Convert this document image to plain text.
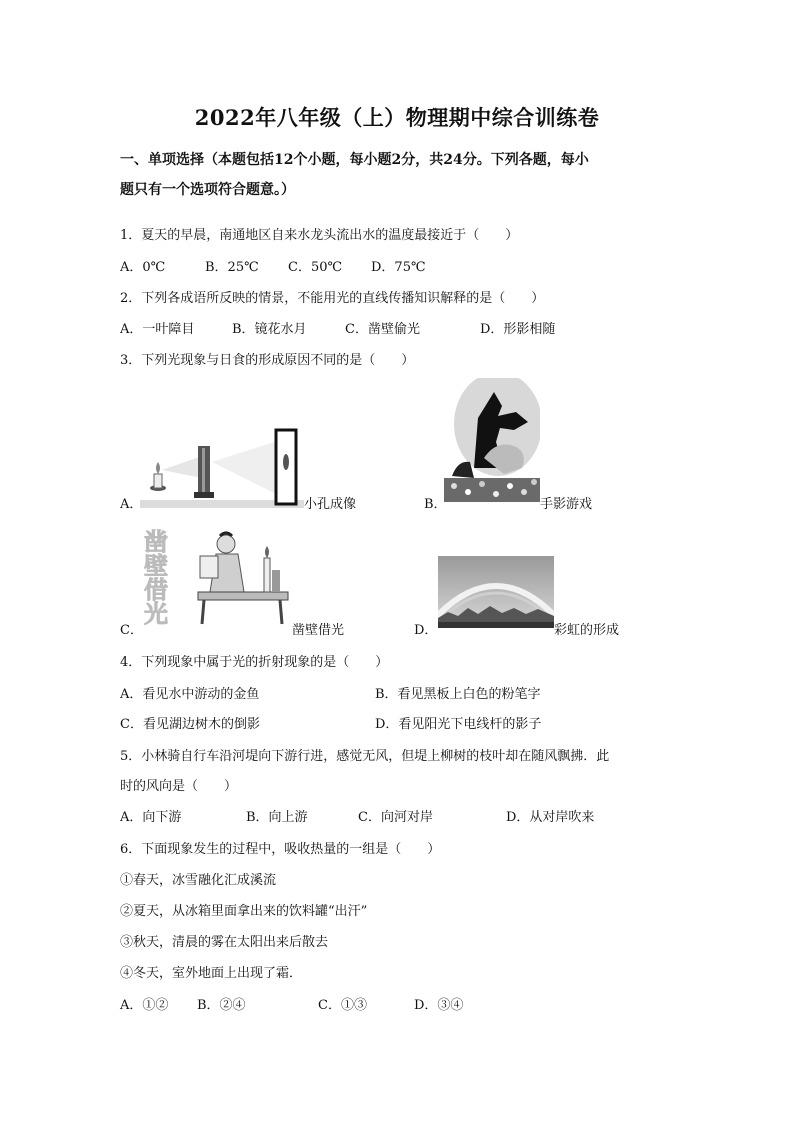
2022年八年级（上）物理期中综合训练卷
一、单项选择（本题包括12个小题，每小题2分，共24分。下列各题，每小
题只有一个选项符合题意。）
1．夏天的早晨，南通地区自来水龙头流出水的温度最接近于（　　）
A．0℃	B．25℃ C．50℃ D．75℃
2．下列各成语所反映的情景，不能用光的直线传播知识解释的是（　　）
A．一叶障目	B．镜花水月	C．凿壁偷光	D．形影相随
3．下列光现象与日食的形成原因不同的是（　　）
A．	小孔成像	B．	手影游戏
凿
壁
借
光
C．	凿壁借光	D．	彩虹的形成
4．下列现象中属于光的折射现象的是（　　）
A．看见水中游动的金鱼	B．看见黑板上白色的粉笔字
C．看见湖边树木的倒影	D．看见阳光下电线杆的影子
5．小林骑自行车沿河堤向下游行进，感觉无风，但堤上柳树的枝叶却在随风飘拂．此
时的风向是（　　）
A．向下游	B．向上游	C．向河对岸	D．从对岸吹来
6．下面现象发生的过程中，吸收热量的一组是（　　）
①春天，冰雪融化汇成溪流
②夏天，从冰箱里面拿出来的饮料罐“出汗”
③秋天，清晨的雾在太阳出来后散去
④冬天，室外地面上出现了霜．
A．①② B．②④	C．①③	D．③④
